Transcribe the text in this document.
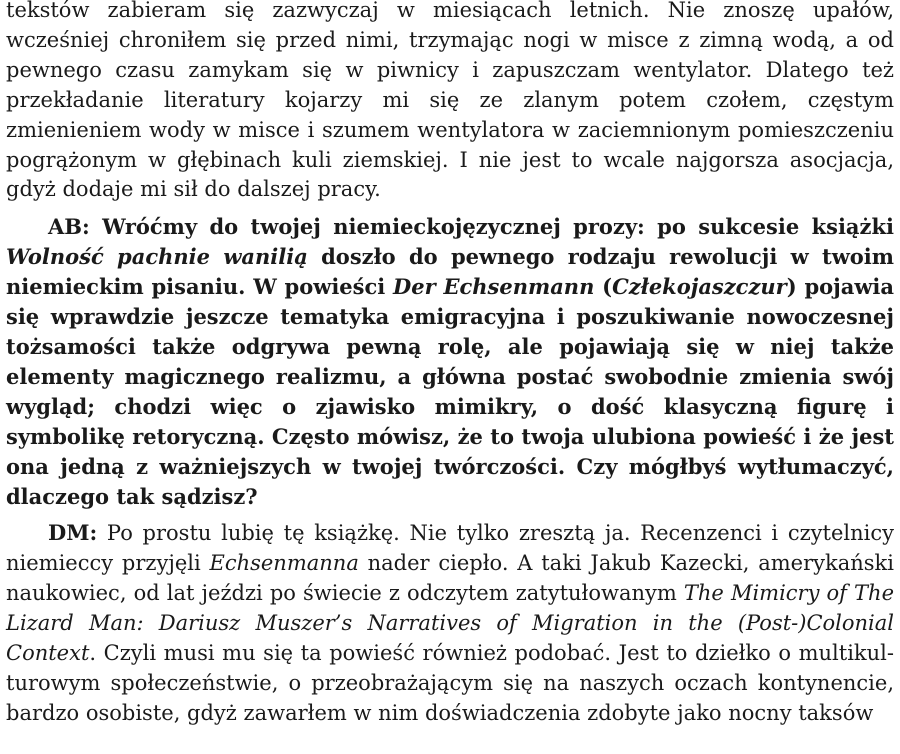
tekstów zabieram się zazwyczaj w miesiącach letnich. Nie znoszę upałów, wcześniej chroniłem się przed nimi, trzymając nogi w misce z zimną wodą, a od pewnego czasu zamykam się w piwnicy i zapuszczam wentylator. Dlatego też przekładanie literatury kojarzy mi się ze zlanym potem czołem, częstym zmienieniem wody w misce i szumem wentylatora w zaciemnionym pomieszczeniu pogrążonym w głębinach kuli ziemskiej. I nie jest to wcale najgorsza asocjacja, gdyż dodaje mi sił do dalszej pracy.

AB: Wróćmy do twojej niemieckojęzycznej prozy: po sukcesie książki Wolność pachnie wanilią doszło do pewnego rodzaju rewolucji w twoim niemieckim pisaniu. W powieści Der Echsenmann (Człekojaszczur) pojawia się wprawdzie jeszcze tematyka emigracyjna i poszukiwanie nowoczesnej tożsamości także odgrywa pewną rolę, ale pojawiają się w niej także elementy magicznego realizmu, a główna postać swobodnie zmienia swój wygląd; chodzi więc o zjawisko mimikry, o dość klasyczną figurę i symbolikę retoryczną. Często mówisz, że to twoja ulubiona powieść i że jest ona jedną z ważniejszych w twojej twórczości. Czy mógłbyś wytłumaczyć, dlaczego tak sądzisz?

DM: Po prostu lubię tę książkę. Nie tylko zresztą ja. Recenzenci i czytelnicy niemieccy przyjęli Echsenmanna nader ciepło. A taki Jakub Kazecki, amerykański naukowiec, od lat jeździ po świecie z odczytem zatytułowanym The Mimicry of The Lizard Man: Dariusz Muszer’s Narratives of Migration in the (Post-)Colonial Context. Czyli musi mu się ta powieść również podobać. Jest to dziełko o multikulturowym społeczeństwie, o przeobrażającym się na naszych oczach kontynencie, bardzo osobiste, gdyż zawarłem w nim doświadczenia zdobyte jako nocny taksów
